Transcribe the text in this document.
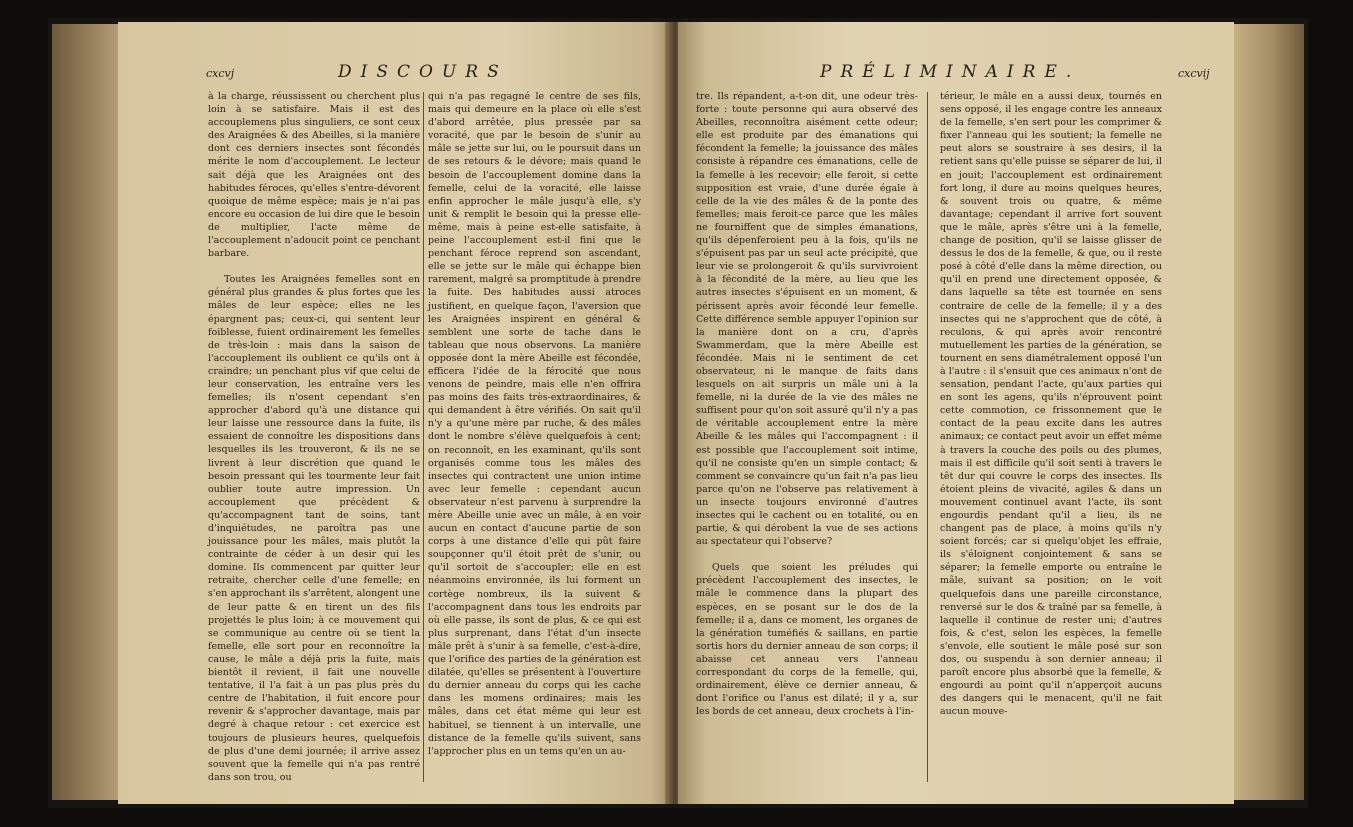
cxcvj	DISCOURS

à la charge, réussissent ou cherchent plus loin à se satisfaire. Mais il est des accouplemens plus singuliers, ce sont ceux des Araignées & des Abeilles, si la manière dont ces derniers insectes sont fécondés mérite le nom d'accouplement. Le lecteur sait déjà que les Araignées ont des habitudes féroces, qu'elles s'entre-dévorent quoique de même espèce; mais je n'ai pas encore eu occasion de lui dire que le besoin de multiplier, l'acte même de l'accouplement n'adoucit point ce penchant barbare.

Toutes les Araignées femelles sont en général plus grandes & plus fortes que les mâles de leur espèce; elles ne les épargnent pas; ceux-ci, qui sentent leur foiblesse, fuient ordinairement les femelles de très-loin : mais dans la saison de l'accouplement ils oublient ce qu'ils ont à craindre; un penchant plus vif que celui de leur conservation, les entraîne vers les femelles; ils n'osent cependant s'en approcher d'abord qu'à une distance qui leur laisse une ressource dans la fuite, ils essaient de connoître les dispositions dans lesquelles ils les trouveront, & ils ne se livrent à leur discrétion que quand le besoin pressant qui les tourmente leur fait oublier toute autre impression. Un accouplement que précèdent & qu'accompagnent tant de soins, tant d'inquiétudes, ne paroîtra pas une jouissance pour les mâles, mais plutôt la contrainte de céder à un desir qui les domine. Ils commencent par quitter leur retraite, chercher celle d'une femelle; en s'en approchant ils s'arrêtent, alongent une de leur patte & en tirent un des fils projettés le plus loin; à ce mouvement qui se communique au centre où se tient la femelle, elle sort pour en reconnoître la cause, le mâle a déjà pris la fuite, mais bientôt il revient, il fait une nouvelle tentative, il l'a fait à un pas plus près du centre de l'habitation, il fuit encore pour revenir & s'approcher davantage, mais par degré à chaque retour : cet exercice est toujours de plusieurs heures, quelquefois de plus d'une demi journée; il arrive assez souvent que la femelle qui n'a pas rentré dans son trou, ou

qui n'a pas regagné le centre de ses fils, mais qui demeure en la place où elle s'est d'abord arrêtée, plus pressée par sa voracité, que par le besoin de s'unir au mâle se jette sur lui, ou le poursuit dans un de ses retours & le dévore; mais quand le besoin de l'accouplement domine dans la femelle, celui de la voracité, elle laisse enfin approcher le mâle jusqu'à elle, s'y unit & remplit le besoin qui la presse elle-même, mais à peine est-elle satisfaite, à peine l'accouplement est-il fini que le penchant féroce reprend son ascendant, elle se jette sur le mâle qui échappe bien rarement, malgré sa promptitude à prendre la fuite. Des habitudes aussi atroces justifient, en quelque façon, l'aversion que les Araignées inspirent en général & semblent une sorte de tache dans le tableau que nous observons. La manière opposée dont la mère Abeille est fécondée, efficera l'idée de la férocité que nous venons de peindre, mais elle n'en offrira pas moins des faits très-extraordinaires, & qui demandent à être vérifiés. On sait qu'il n'y a qu'une mère par ruche, & des mâles dont le nombre s'élève quelquefois à cent; on reconnoît, en les examinant, qu'ils sont organisés comme tous les mâles des insectes qui contractent une union intime avec leur femelle : cependant aucun observateur n'est parvenu à surprendre la mère Abeille unie avec un mâle, à en voir aucun en contact d'aucune partie de son corps à une distance d'elle qui pût faire soupçonner qu'il étoit prêt de s'unir, ou qu'il sortoit de s'accoupler; elle en est néanmoins environnée, ils lui forment un cortège nombreux, ils la suivent & l'accompagnent dans tous les endroits par où elle passe, ils sont de plus, & ce qui est plus surprenant, dans l'état d'un insecte mâle prêt à s'unir à sa femelle, c'est-à-dire, que l'orifice des parties de la génération est dilatée, qu'elles se présentent à l'ouverture du dernier anneau du corps qui les cache dans les momens ordinaires; mais les mâles, dans cet état même qui leur est habituel, se tiennent à un intervalle, une distance de la femelle qu'ils suivent, sans l'approcher plus en un tems qu'en un au-

PRÉLIMINAIRE.	cxcvij

tre. Ils répandent, a-t-on dit, une odeur très-forte : toute personne qui aura observé des Abeilles, reconnoîtra aisément cette odeur; elle est produite par des émanations qui fécondent la femelle; la jouissance des mâles consiste à répandre ces émanations, celle de la femelle à les recevoir; elle feroit, si cette supposition est vraie, d'une durée égale à celle de la vie des mâles & de la ponte des femelles; mais feroit-ce parce que les mâles ne fourniffent que de simples émanations, qu'ils dépenferoient peu à la fois, qu'ils ne s'épuisent pas par un seul acte précipité, que leur vie se prolongeroit & qu'ils survivroient à la fécondité de la mère, au lieu que les autres insectes s'épuisent en un moment, & périssent après avoir fécondé leur femelle. Cette différence semble appuyer l'opinion sur la manière dont on a cru, d'après Swammerdam, que la mère Abeille est fécondée. Mais ni le sentiment de cet observateur, ni le manque de faits dans lesquels on ait surpris un mâle uni à la femelle, ni la durée de la vie des mâles ne suffisent pour qu'on soit assuré qu'il n'y a pas de véritable accouplement entre la mère Abeille & les mâles qui l'accompagnent : il est possible que l'accouplement soit intime, qu'il ne consiste qu'en un simple contact; & comment se convaincre qu'un fait n'a pas lieu parce qu'on ne l'observe pas relativement à un insecte toujours environné d'autres insectes qui le cachent ou en totalité, ou en partie, & qui dérobent la vue de ses actions au spectateur qui l'observe?

Quels que soient les préludes qui précèdent l'accouplement des insectes, le mâle le commence dans la plupart des espèces, en se posant sur le dos de la femelle; il a, dans ce moment, les organes de la génération tuméfiés & saillans, en partie sortis hors du dernier anneau de son corps; il abaisse cet anneau vers l'anneau correspondant du corps de la femelle, qui, ordinairement, élève ce dernier anneau, & dont l'orifice ou l'anus est dilaté; il y a, sur les bords de cet anneau, deux crochets à l'in-

térieur, le mâle en a aussi deux, tournés en sens opposé, il les engage contre les anneaux de la femelle, s'en sert pour les comprimer & fixer l'anneau qui les soutient; la femelle ne peut alors se soustraire à ses desirs, il la retient sans qu'elle puisse se séparer de lui, il en jouit; l'accouplement est ordinairement fort long, il dure au moins quelques heures, & souvent trois ou quatre, & même davantage; cependant il arrive fort souvent que le mâle, après s'être uni à la femelle, change de position, qu'il se laisse glisser de dessus le dos de la femelle, & que, ou il reste posé à côté d'elle dans la même direction, ou qu'il en prend une directement opposée, & dans laquelle sa tête est tournée en sens contraire de celle de la femelle; il y a des insectes qui ne s'approchent que de côté, à reculons, & qui après avoir rencontré mutuellement les parties de la génération, se tournent en sens diamétralement opposé l'un à l'autre : il s'ensuit que ces animaux n'ont de sensation, pendant l'acte, qu'aux parties qui en sont les agens, qu'ils n'éprouvent point cette commotion, ce frissonnement que le contact de la peau excite dans les autres animaux; ce contact peut avoir un effet même à travers la couche des poils ou des plumes, mais il est difficile qu'il soit senti à travers le têt dur qui couvre le corps des insectes. Ils étoient pleins de vivacité, agiles & dans un mouvement continuel avant l'acte, ils sont engourdis pendant qu'il a lieu, ils ne changent pas de place, à moins qu'ils n'y soient forcés; car si quelqu'objet les effraie, ils s'éloignent conjointement & sans se séparer; la femelle emporte ou entraîne le mâle, suivant sa position; on le voit quelquefois dans une pareille circonstance, renversé sur le dos & traîné par sa femelle, à laquelle il continue de rester uni; d'autres fois, & c'est, selon les espèces, la femelle s'envole, elle soutient le mâle posé sur son dos, ou suspendu à son dernier anneau; il paroît encore plus absorbé que la femelle, & engourdi au point qu'il n'apperçoit aucuns des dangers qui le menacent, qu'il ne fait aucun mouve-
